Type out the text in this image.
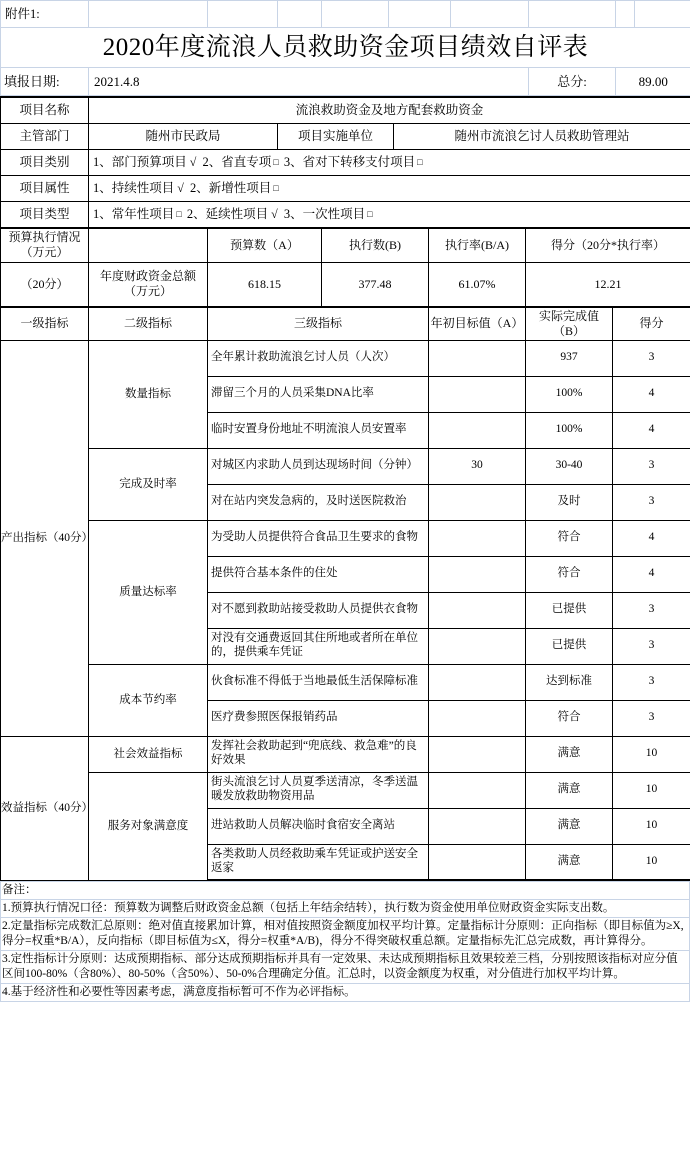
附件1:									
2020年度流浪人员救助资金项目绩效自评表									
填报日期:	2021.4.8						总分:	89.00	
项目名称	流浪救助资金及地方配套救助资金		
主管部门	随州市民政局	项目实施单位	随州市流浪乞讨人员救助管理站
项目类别	1、部门预算项目 √ 2、省直专项 □ 3、省对下转移支付项目 □		
项目属性	1、持续性项目 √ 2、新增性项目 □		
项目类型	1、常年性项目 □ 2、延续性项目 √ 3、一次性项目 □		
预算执行情况（万元）		预算数（A）	执行数(B)	执行率(B/A)	得分（20分*执行率）
（20分）	年度财政资金总额（万元）	618.15	377.48	61.07%	12.21
一级指标	二级指标	三级指标	年初目标值（A）	实际完成值（B）	得分
产出指标（40分）	数量指标	全年累计救助流浪乞讨人员（人次）		937	3
		滞留三个月的人员采集DNA比率		100%	4
		临时安置身份地址不明流浪人员安置率		100%	4
	完成及时率	对城区内求助人员到达现场时间（分钟）	30	30-40	3
		对在站内突发急病的，及时送医院救治		及时	3
	质量达标率	为受助人员提供符合食品卫生要求的食物		符合	4
		提供符合基本条件的住处		符合	4
		对不愿到救助站接受救助人员提供衣食物		已提供	3
		对没有交通费返回其住所地或者所在单位的，提供乘车凭证		已提供	3
	成本节约率	伙食标准不得低于当地最低生活保障标准		达到标准	3
		医疗费参照医保报销药品		符合	3
效益指标（40分）	社会效益指标	发挥社会救助起到“兜底线、救急难”的良好效果		满意	10
	服务对象满意度	街头流浪乞讨人员夏季送清凉，冬季送温暖发放救助物资用品		满意	10
		进站救助人员解决临时食宿安全离站		满意	10
		各类救助人员经救助乘车凭证或护送安全返家		满意	10
备注：
1.预算执行情况口径：预算数为调整后财政资金总额（包括上年结余结转），执行数为资金使用单位财政资金实际支出数。
2.定量指标完成数汇总原则：绝对值直接累加计算，相对值按照资金额度加权平均计算。定量指标计分原则：正向指标（即目标值为≥X,得分=权重*B/A），反向指标（即目标值为≤X，得分=权重*A/B)，得分不得突破权重总额。定量指标先汇总完成数，再计算得分。
3.定性指标计分原则：达成预期指标、部分达成预期指标并具有一定效果、未达成预期指标且效果较差三档，分别按照该指标对应分值区间100-80%（含80%）、80-50%（含50%）、50-0%合理确定分值。汇总时，以资金额度为权重，对分值进行加权平均计算。
4.基于经济性和必要性等因素考虑，满意度指标暂可不作为必评指标。
